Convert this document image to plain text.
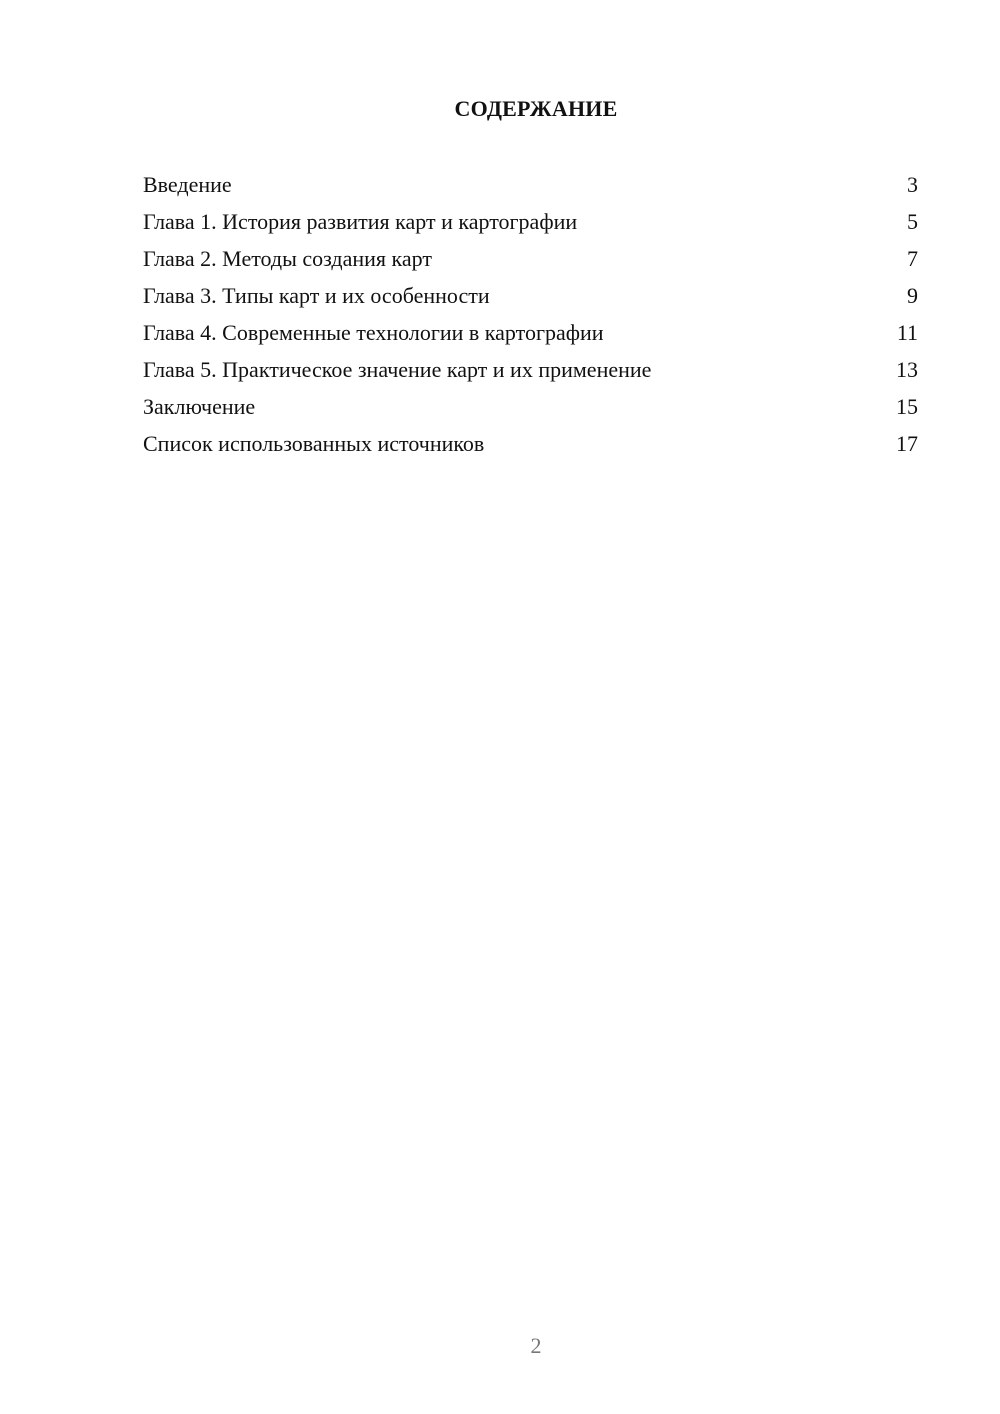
СОДЕРЖАНИЕ
Введение	3
Глава 1. История развития карт и картографии	5
Глава 2. Методы создания карт	7
Глава 3. Типы карт и их особенности	9
Глава 4. Современные технологии в картографии	11
Глава 5. Практическое значение карт и их применение	13
Заключение	15
Список использованных источников	17
2
